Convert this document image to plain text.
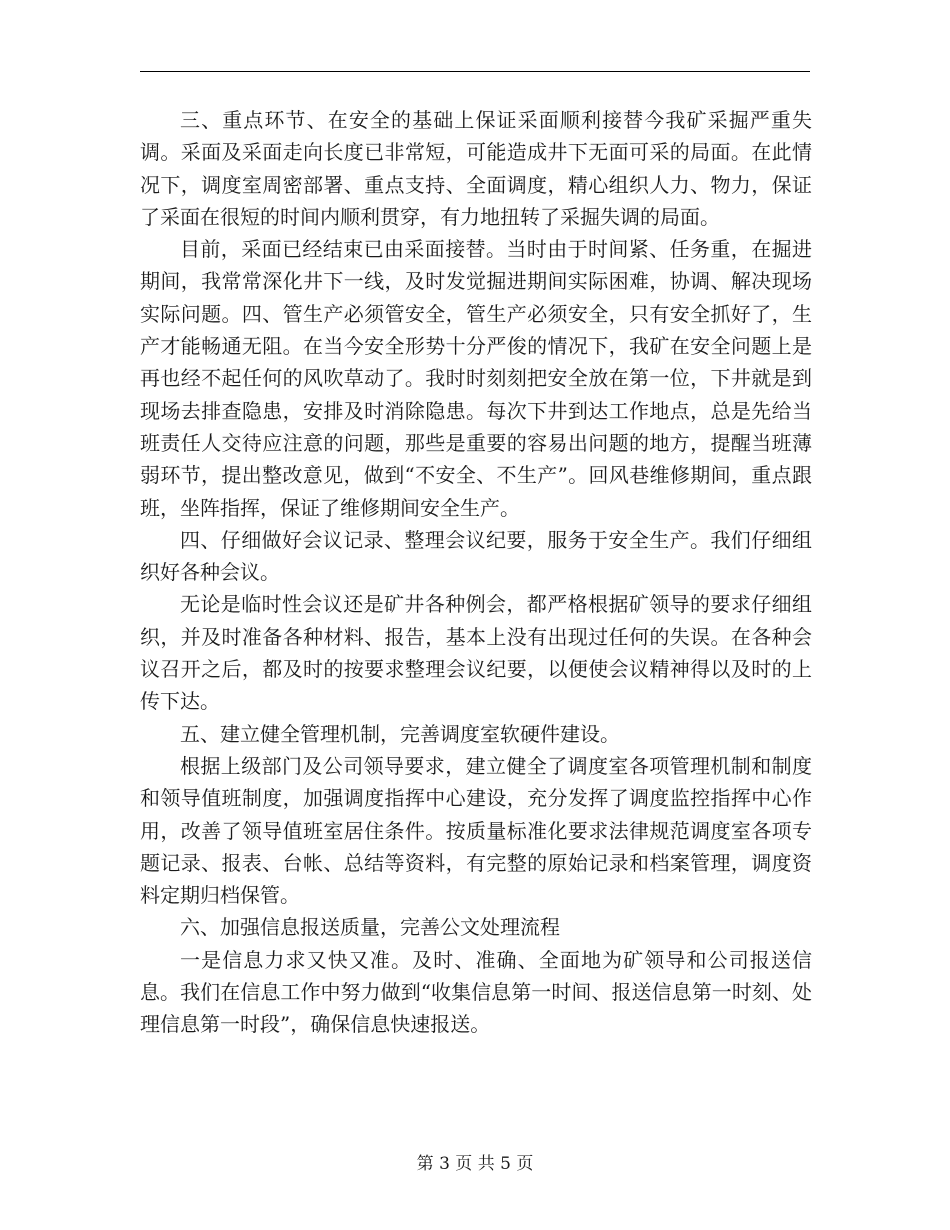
三、重点环节、在安全的基础上保证采面顺利接替今我矿采掘严重失调。采面及采面走向长度已非常短，可能造成井下无面可采的局面。在此情况下，调度室周密部署、重点支持、全面调度，精心组织人力、物力，保证了采面在很短的时间内顺利贯穿，有力地扭转了采掘失调的局面。

目前，采面已经结束已由采面接替。当时由于时间紧、任务重，在掘进期间，我常常深化井下一线，及时发觉掘进期间实际困难，协调、解决现场实际问题。四、管生产必须管安全，管生产必须安全，只有安全抓好了，生产才能畅通无阻。在当今安全形势十分严俊的情况下，我矿在安全问题上是再也经不起任何的风吹草动了。我时时刻刻把安全放在第一位，下井就是到现场去排查隐患，安排及时消除隐患。每次下井到达工作地点，总是先给当班责任人交待应注意的问题，那些是重要的容易出问题的地方，提醒当班薄弱环节，提出整改意见，做到“不安全、不生产”。回风巷维修期间，重点跟班，坐阵指挥，保证了维修期间安全生产。

四、仔细做好会议记录、整理会议纪要，服务于安全生产。我们仔细组织好各种会议。

无论是临时性会议还是矿井各种例会，都严格根据矿领导的要求仔细组织，并及时准备各种材料、报告，基本上没有出现过任何的失误。在各种会议召开之后，都及时的按要求整理会议纪要，以便使会议精神得以及时的上传下达。

五、建立健全管理机制，完善调度室软硬件建设。

根据上级部门及公司领导要求，建立健全了调度室各项管理机制和制度和领导值班制度，加强调度指挥中心建设，充分发挥了调度监控指挥中心作用，改善了领导值班室居住条件。按质量标准化要求法律规范调度室各项专题记录、报表、台帐、总结等资料，有完整的原始记录和档案管理，调度资料定期归档保管。

六、加强信息报送质量，完善公文处理流程

一是信息力求又快又准。及时、准确、全面地为矿领导和公司报送信息。我们在信息工作中努力做到“收集信息第一时间、报送信息第一时刻、处理信息第一时段”，确保信息快速报送。

第 3 页 共 5 页
